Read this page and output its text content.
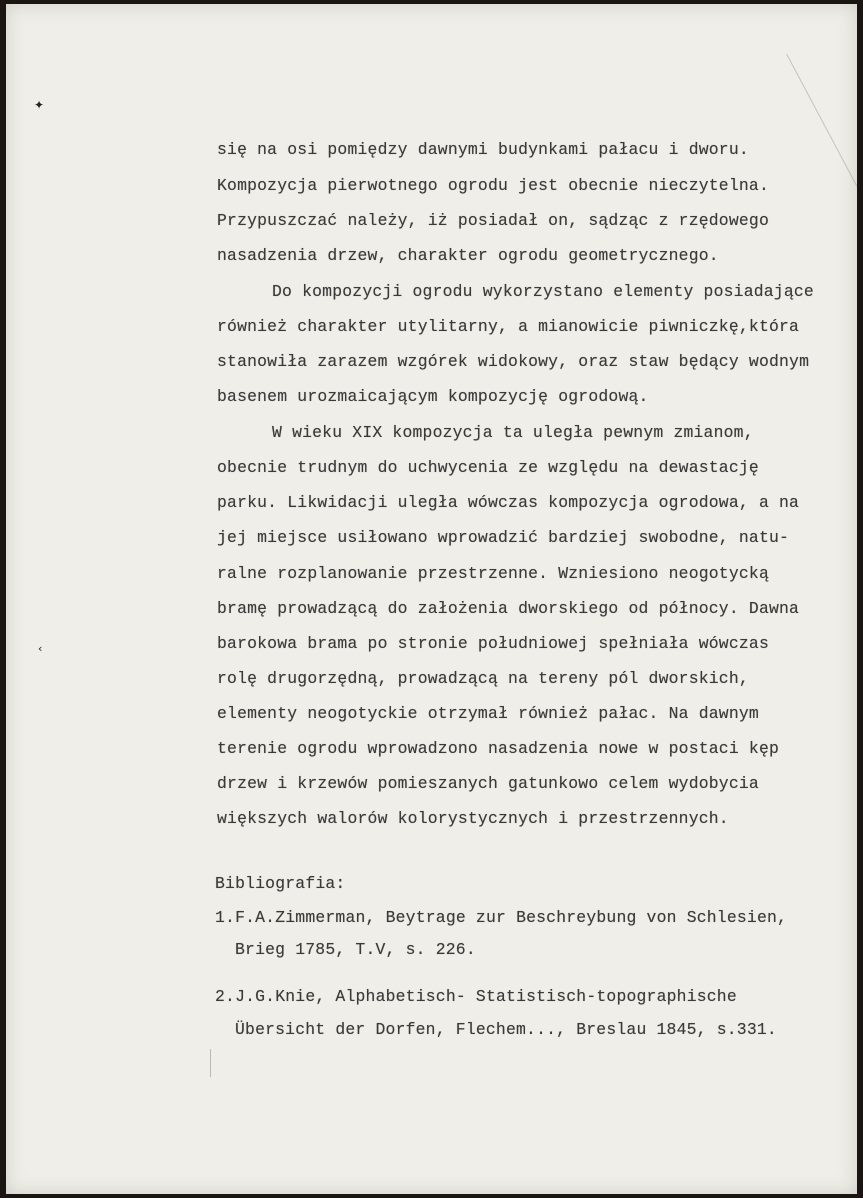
✦
‹
się na osi pomiędzy dawnymi budynkami pałacu i dworu.
Kompozycja pierwotnego ogrodu jest obecnie nieczytelna.
Przypuszczać należy, iż posiadał on, sądząc z rzędowego
nasadzenia drzew, charakter ogrodu geometrycznego.
Do kompozycji ogrodu wykorzystano elementy posiadające
również charakter utylitarny, a mianowicie piwniczkę,która
stanowiła zarazem wzgórek widokowy, oraz staw będący wodnym
basenem urozmaicającym kompozycję ogrodową.
W wieku XIX kompozycja ta uległa pewnym zmianom,
obecnie trudnym do uchwycenia ze względu na dewastację
parku. Likwidacji uległa wówczas kompozycja ogrodowa, a na
jej miejsce usiłowano wprowadzić bardziej swobodne, natu-
ralne rozplanowanie przestrzenne. Wzniesiono neogotycką
bramę prowadzącą do założenia dworskiego od północy. Dawna
barokowa brama po stronie południowej spełniała wówczas
rolę drugorzędną, prowadzącą na tereny pól dworskich,
elementy neogotyckie otrzymał również pałac. Na dawnym
terenie ogrodu wprowadzono nasadzenia nowe w postaci kęp
drzew i krzewów pomieszanych gatunkowo celem wydobycia
większych walorów kolorystycznych i przestrzennych.
Bibliografia:
1.F.A.Zimmerman, Beytrage zur Beschreybung von Schlesien,
Brieg 1785, T.V, s. 226.
2.J.G.Knie, Alphabetisch- Statistisch-topographische
Übersicht der Dorfen, Flechem..., Breslau 1845, s.331.
